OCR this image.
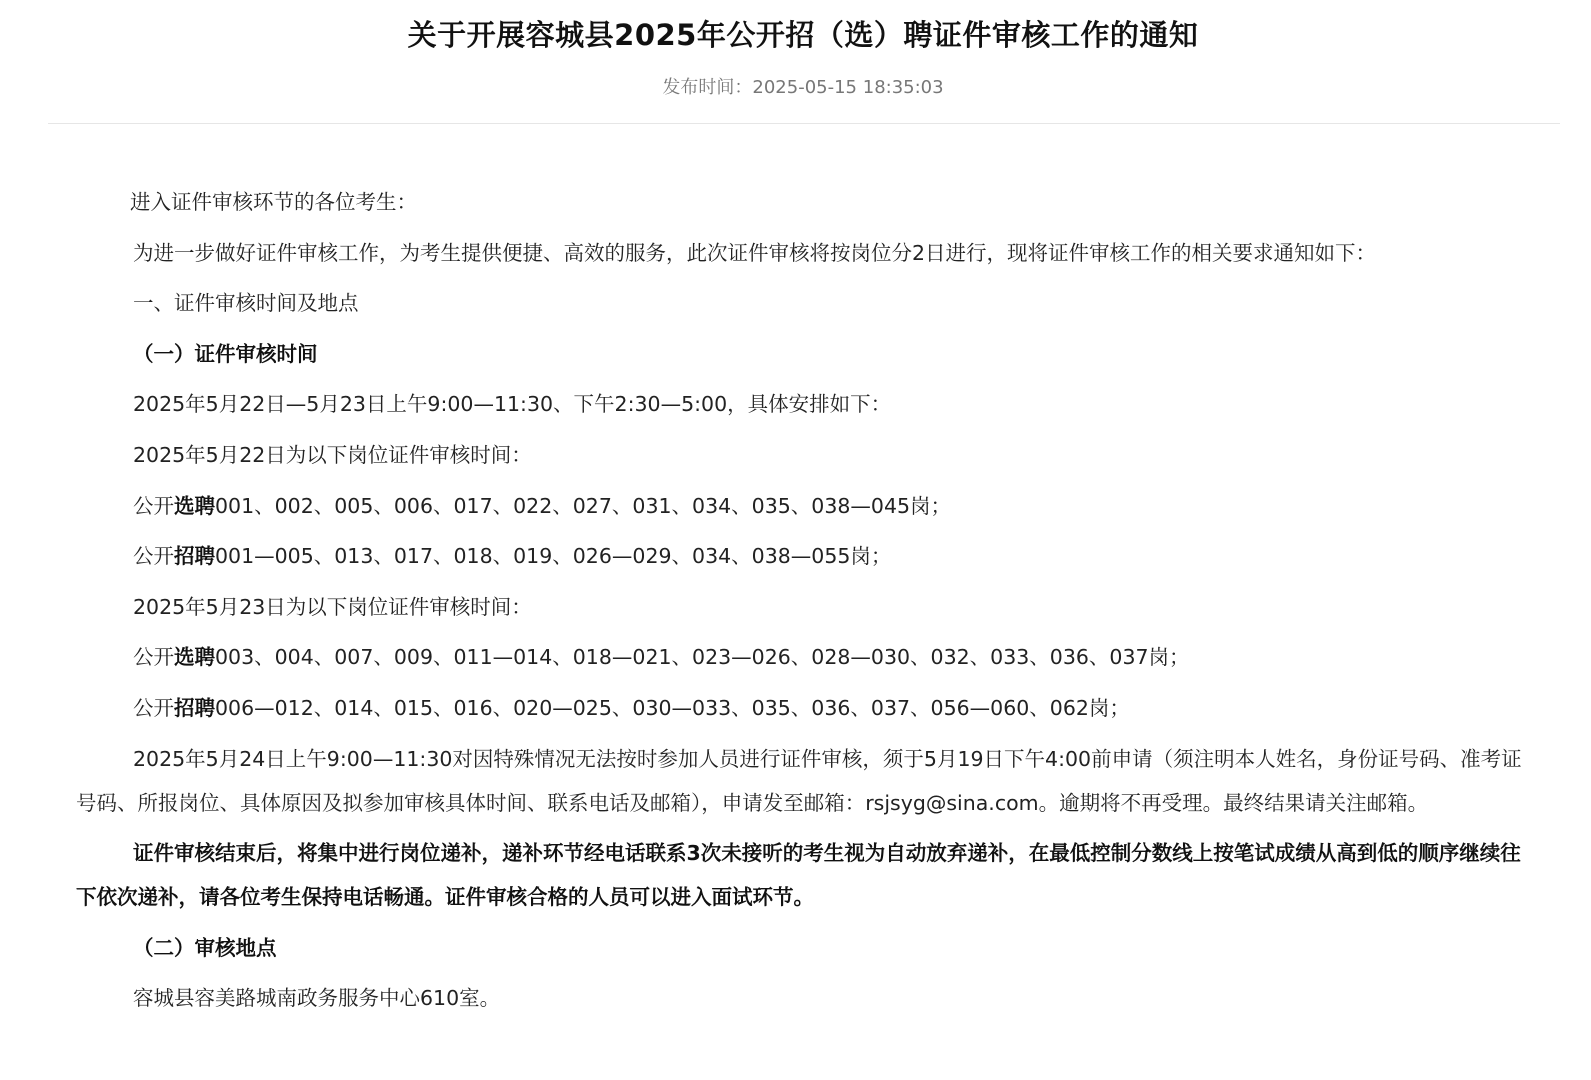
关于开展容城县2025年公开招（选）聘证件审核工作的通知
发布时间：2025-05-15 18:35:03

进入证件审核环节的各位考生：

为进一步做好证件审核工作，为考生提供便捷、高效的服务，此次证件审核将按岗位分2日进行，现将证件审核工作的相关要求通知如下：

一、证件审核时间及地点

（一）证件审核时间

2025年5月22日—5月23日上午9:00—11:30、下午2:30—5:00，具体安排如下：

2025年5月22日为以下岗位证件审核时间：

公开选聘001、002、005、006、017、022、027、031、034、035、038—045岗；

公开招聘001—005、013、017、018、019、026—029、034、038—055岗；

2025年5月23日为以下岗位证件审核时间：

公开选聘003、004、007、009、011—014、018—021、023—026、028—030、032、033、036、037岗；

公开招聘006—012、014、015、016、020—025、030—033、035、036、037、056—060、062岗；

2025年5月24日上午9:00—11:30对因特殊情况无法按时参加人员进行证件审核，须于5月19日下午4:00前申请（须注明本人姓名，身份证号码、准考证号码、所报岗位、具体原因及拟参加审核具体时间、联系电话及邮箱），申请发至邮箱：rsjsyg@sina.com。逾期将不再受理。最终结果请关注邮箱。

证件审核结束后，将集中进行岗位递补，递补环节经电话联系3次未接听的考生视为自动放弃递补，在最低控制分数线上按笔试成绩从高到低的顺序继续往下依次递补，请各位考生保持电话畅通。证件审核合格的人员可以进入面试环节。

（二）审核地点

容城县容美路城南政务服务中心610室。
